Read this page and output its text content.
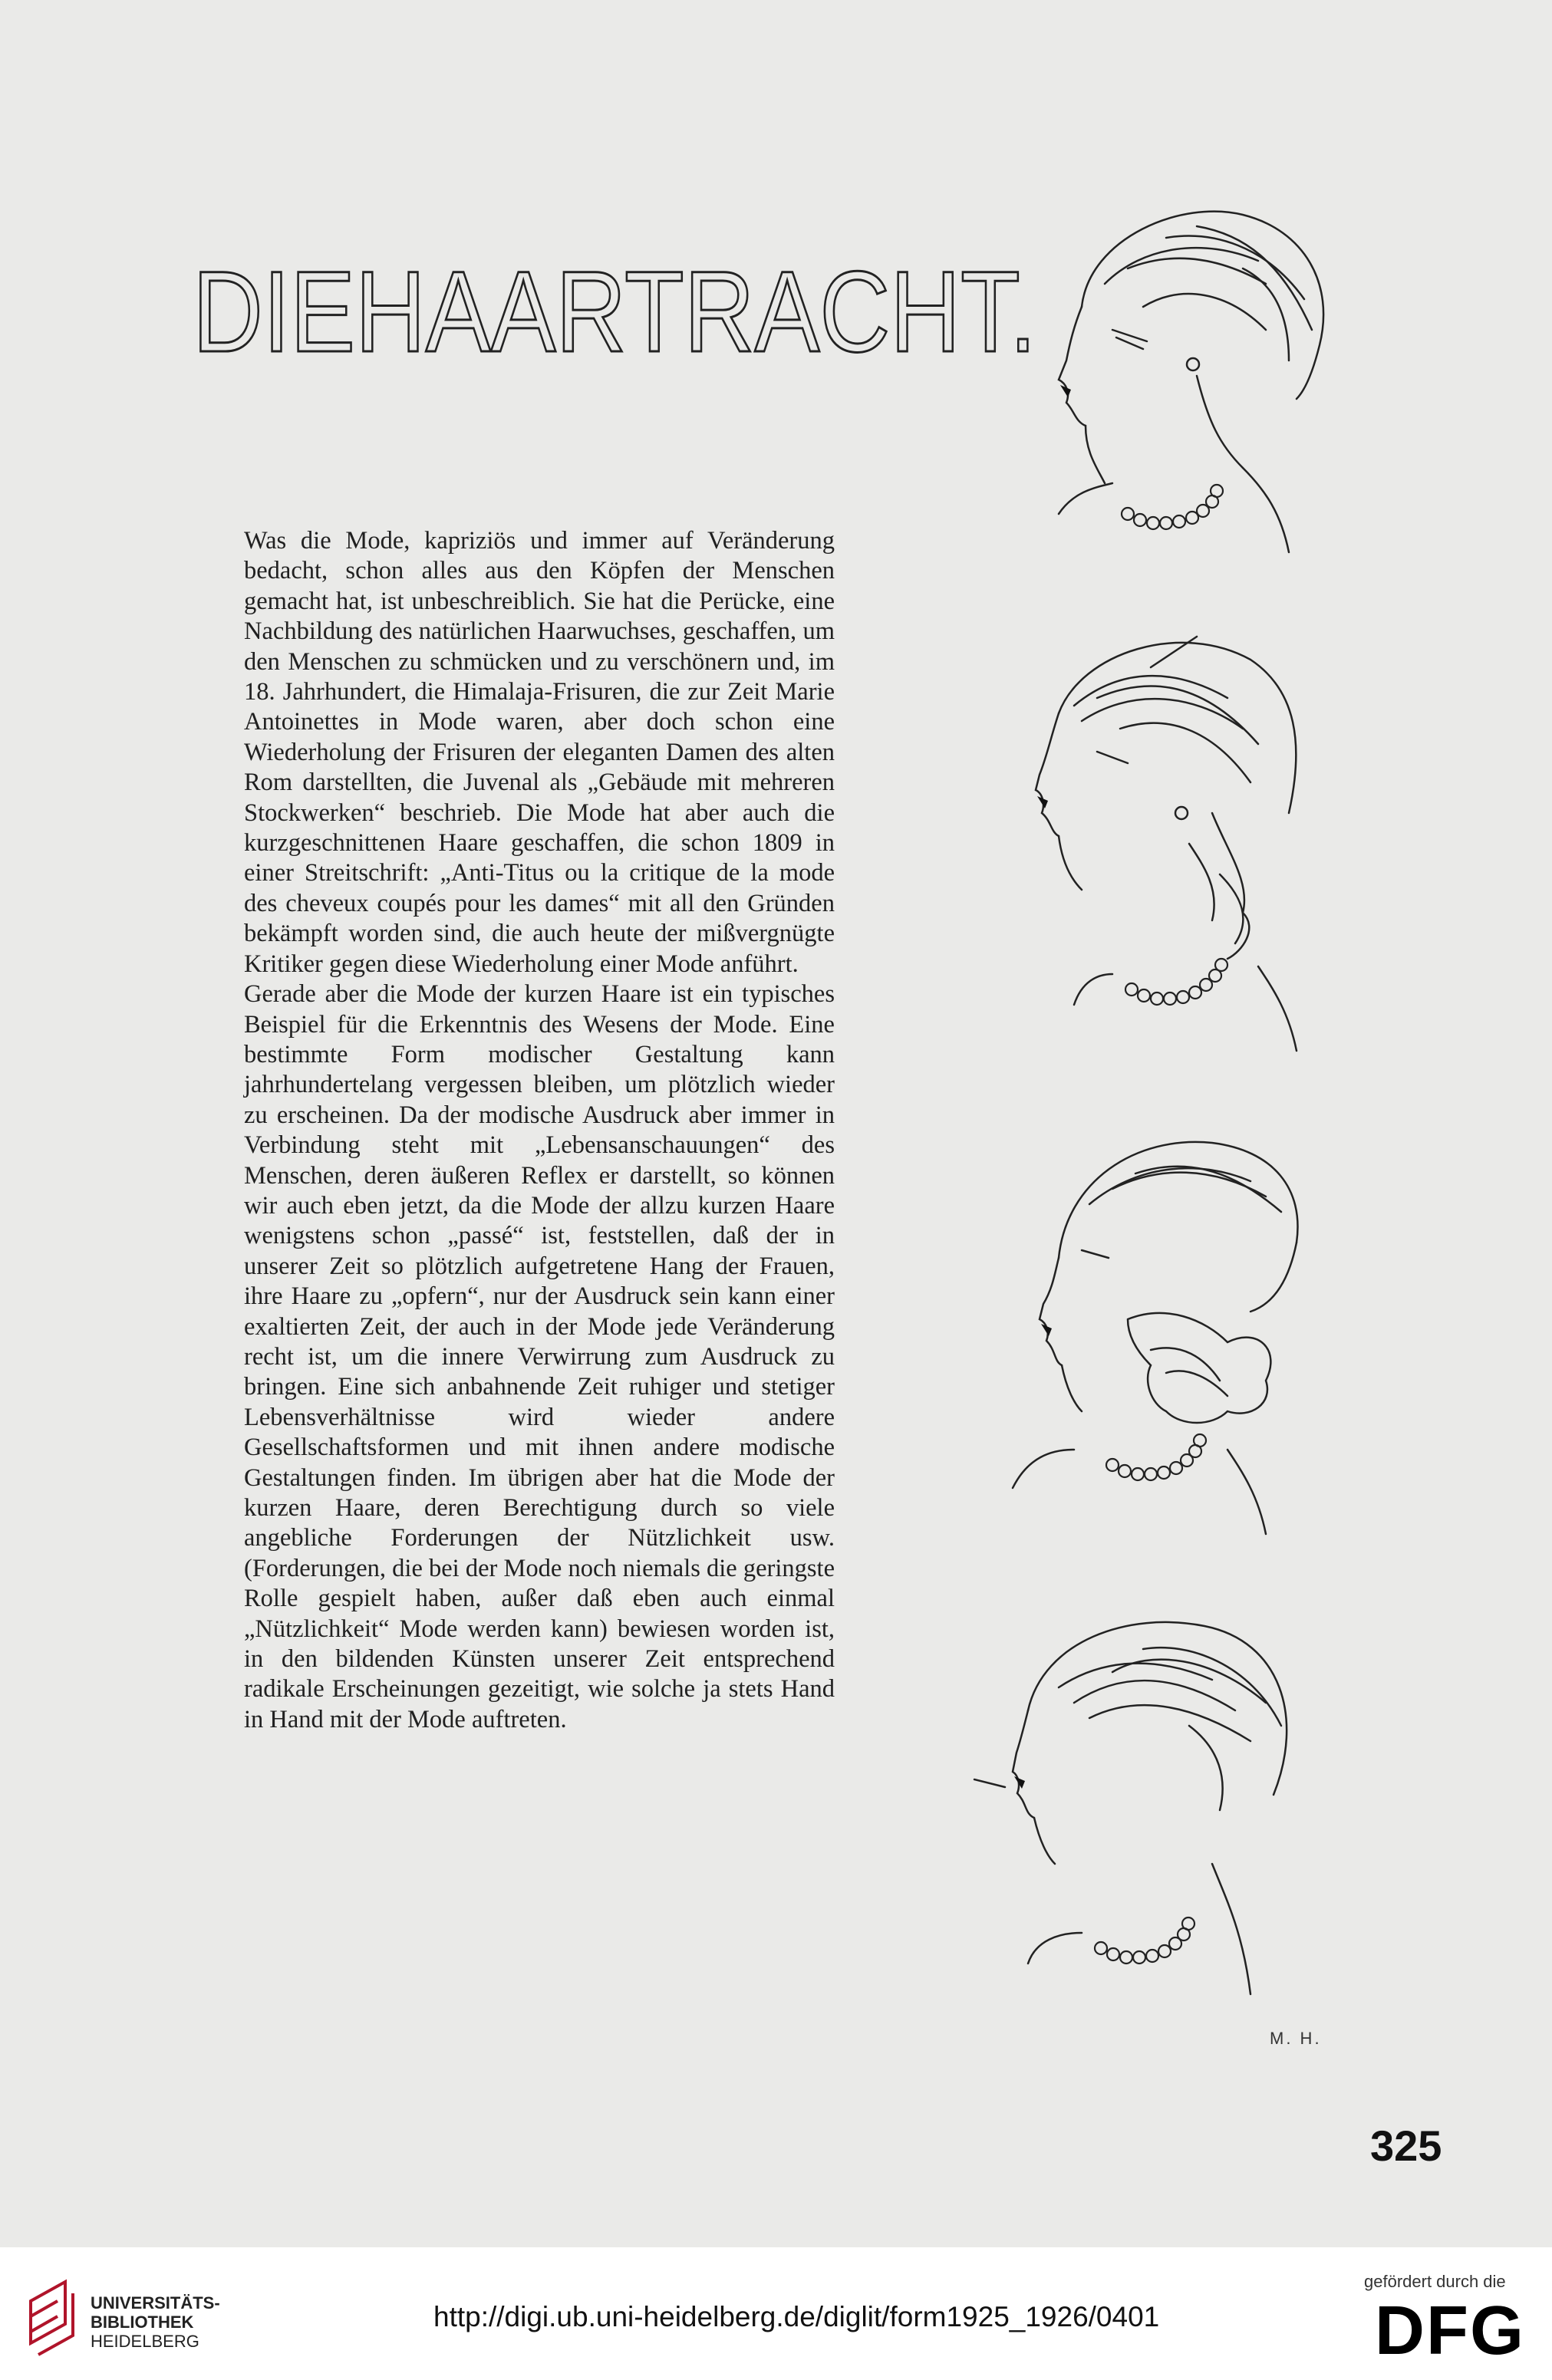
DIEHAARTRACHT.

Was die Mode, kapriziös und immer auf Veränderung bedacht, schon alles aus den Köpfen der Menschen gemacht hat, ist unbeschreiblich. Sie hat die Perücke, eine Nachbildung des natürlichen Haarwuchses, geschaffen, um den Menschen zu schmücken und zu verschönern und, im 18. Jahrhundert, die Himalaja-Frisuren, die zur Zeit Marie Antoinettes in Mode waren, aber doch schon eine Wiederholung der Frisuren der eleganten Damen des alten Rom darstellten, die Juvenal als „Gebäude mit mehreren Stockwerken“ beschrieb. Die Mode hat aber auch die kurzgeschnittenen Haare geschaffen, die schon 1809 in einer Streitschrift: „Anti-Titus ou la critique de la mode des cheveux coupés pour les dames“ mit all den Gründen bekämpft worden sind, die auch heute der mißvergnügte Kritiker gegen diese Wiederholung einer Mode anführt.

Gerade aber die Mode der kurzen Haare ist ein typisches Beispiel für die Erkenntnis des Wesens der Mode. Eine bestimmte Form modischer Gestaltung kann jahrhundertelang vergessen bleiben, um plötzlich wieder zu erscheinen. Da der modische Ausdruck aber immer in Verbindung steht mit „Lebensanschauungen“ des Menschen, deren äußeren Reflex er darstellt, so können wir auch eben jetzt, da die Mode der allzu kurzen Haare wenigstens schon „passé“ ist, feststellen, daß der in unserer Zeit so plötzlich aufgetretene Hang der Frauen, ihre Haare zu „opfern“, nur der Ausdruck sein kann einer exaltierten Zeit, der auch in der Mode jede Veränderung recht ist, um die innere Verwirrung zum Ausdruck zu bringen. Eine sich anbahnende Zeit ruhiger und stetiger Lebensverhältnisse wird wieder andere Gesellschaftsformen und mit ihnen andere modische Gestaltungen finden. Im übrigen aber hat die Mode der kurzen Haare, deren Berechtigung durch so viele angebliche Forderungen der Nützlichkeit usw. (Forderungen, die bei der Mode noch niemals die geringste Rolle gespielt haben, außer daß eben auch einmal „Nützlichkeit“ Mode werden kann) bewiesen worden ist, in den bildenden Künsten unserer Zeit entsprechend radikale Erscheinungen gezeitigt, wie solche ja stets Hand in Hand mit der Mode auftreten.

M. H.
325
UNIVERSITÄTS-
BIBLIOTHEK
HEIDELBERG
http://digi.ub.uni-heidelberg.de/diglit/form1925_1926/0401
gefördert durch die
DFG
